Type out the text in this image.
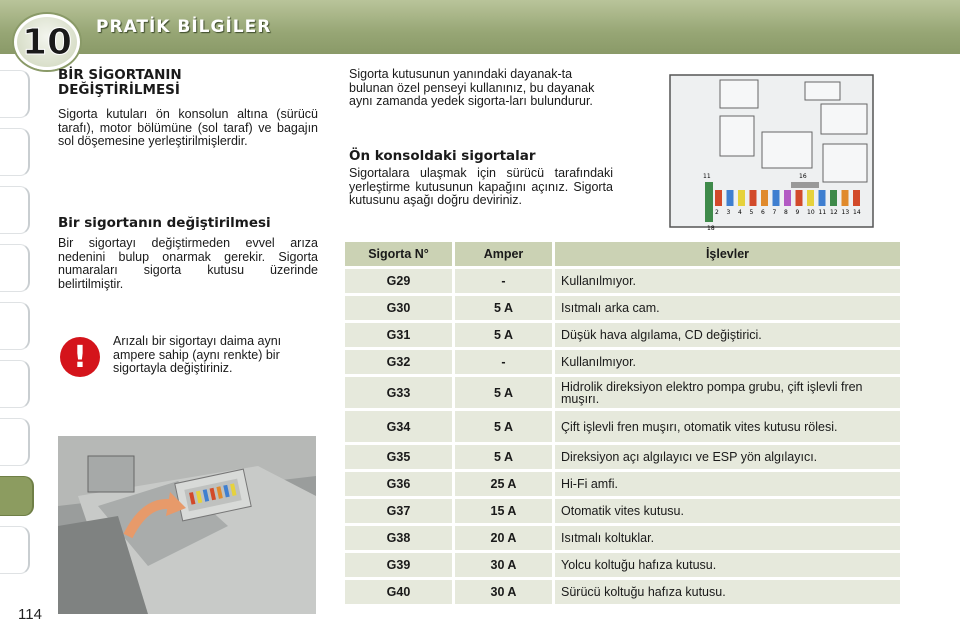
PRATİK BİLGİLER
10
114
BİR SİGORTANIN
DEĞİŞTİRİLMESİ
Sigorta kutuları ön konsolun altına (sürücü tarafı), motor bölümüne (sol taraf) ve bagajın sol döşemesine yerleştirilmişlerdir.
Bir sigortanın değiştirilmesi
Bir sigortayı değiştirmeden evvel arıza nedenini bulup onarmak gerekir. Sigorta numaraları sigorta kutusu üzerinde belirtilmiştir.
!	Arızalı bir sigortayı daima aynı ampere sahip (aynı renkte) bir sigortayla değiştiriniz.
Sigorta kutusunun yanındaki dayanak-ta bulunan özel penseyi kullanınız, bu dayanak aynı zamanda yedek sigorta-ları bulundurur.
Ön konsoldaki sigortalar
Sigortalara ulaşmak için sürücü tarafındaki yerleştirme kutusunun kapağını açınız. Sigorta kutusunu aşağı doğru deviriniz.
11	16
18
2 3 4 5 6 7 8 9 10 11 12 13 14
Sigorta N°	Amper	İşlevler
G29	-	Kullanılmıyor.
G30	5 A	Isıtmalı arka cam.
G31	5 A	Düşük hava algılama, CD değiştirici.
G32	-	Kullanılmıyor.
G33	5 A	Hidrolik direksiyon elektro pompa grubu, çift işlevli fren muşırı.
G34	5 A	Çift işlevli fren muşırı, otomatik vites kutusu rölesi.
G35	5 A	Direksiyon açı algılayıcı ve ESP yön algılayıcı.
G36	25 A	Hi-Fi amfi.
G37	15 A	Otomatik vites kutusu.
G38	20 A	Isıtmalı koltuklar.
G39	30 A	Yolcu koltuğu hafıza kutusu.
G40	30 A	Sürücü koltuğu hafıza kutusu.
